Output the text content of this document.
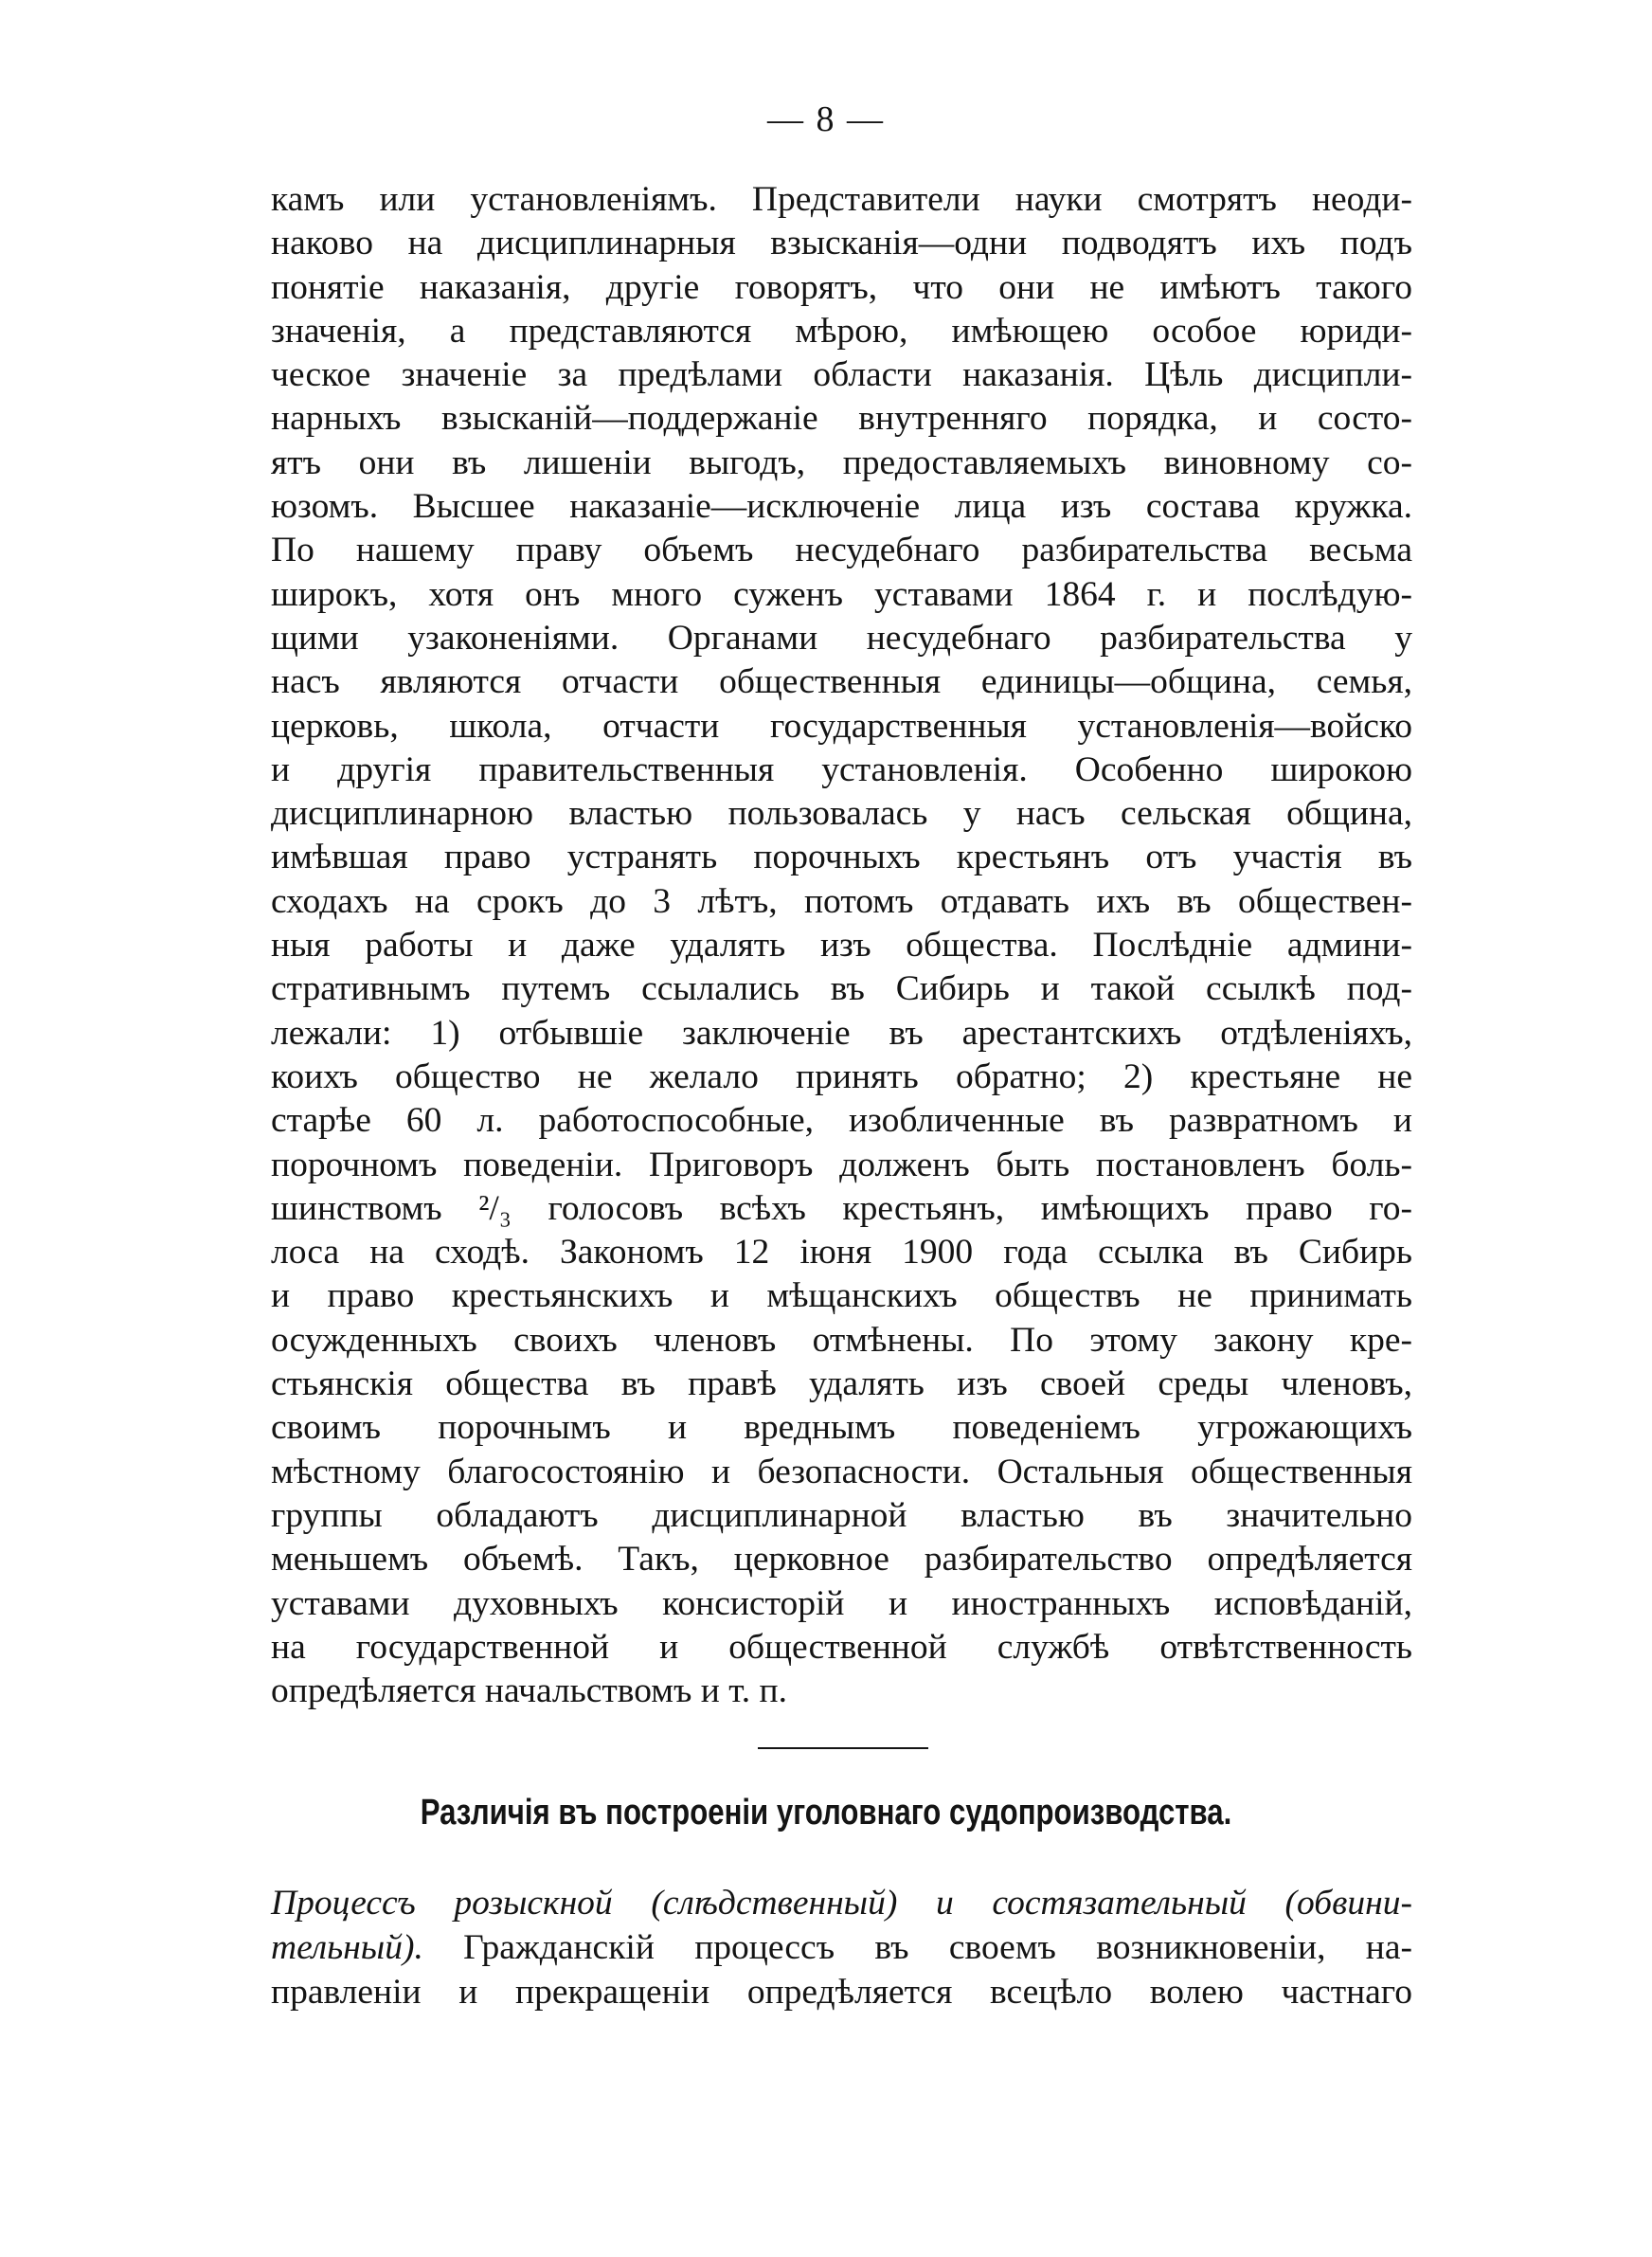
— 8 —
камъ или установленiямъ. Представители науки смотрятъ неоди-
наково на дисциплинарныя взысканiя—одни подводятъ ихъ подъ
понятiе наказанiя, другiе говорятъ, что они не имѣютъ такого
значенiя, а представляются мѣрою, имѣющею особое юриди-
ческое значенiе за предѣлами области наказанiя. Цѣль дисципли-
нарныхъ взысканiй—поддержанiе внутренняго порядка, и состо-
ятъ они въ лишенiи выгодъ, предоставляемыхъ виновному со-
юзомъ. Высшее наказанiе—исключенiе лица изъ состава кружка.
По нашему праву объемъ несудебнаго разбирательства весьма
широкъ, хотя онъ много суженъ уставами 1864 г. и послѣдую-
щими узаконенiями. Органами несудебнаго разбирательства у
насъ являются отчасти общественныя единицы—община, семья,
церковь, школа, отчасти государственныя установленiя—войско
и другiя правительственныя установленiя. Особенно широкою
дисциплинарною властью пользовалась у насъ сельская община,
имѣвшая право устранять порочныхъ крестьянъ отъ участiя въ
сходахъ на срокъ до 3 лѣтъ, потомъ отдавать ихъ въ обществен-
ныя работы и даже удалять изъ общества. Послѣднiе админи-
стративнымъ путемъ ссылались въ Сибирь и такой ссылкѣ под-
лежали: 1) отбывшiе заключенiе въ арестантскихъ отдѣленiяхъ,
коихъ общество не желало принять обратно; 2) крестьяне не
старѣе 60 л. работоспособные, изобличенные въ развратномъ и
порочномъ поведенiи. Приговоръ долженъ быть постановленъ боль-
шинствомъ ²/₃ голосовъ всѣхъ крестьянъ, имѣющихъ право го-
лоса на сходѣ. Закономъ 12 iюня 1900 года ссылка въ Сибирь
и право крестьянскихъ и мѣщанскихъ обществъ не принимать
осужденныхъ своихъ членовъ отмѣнены. По этому закону кре-
стьянскiя общества въ правѣ удалять изъ своей среды членовъ,
своимъ порочнымъ и вреднымъ поведенiемъ угрожающихъ
мѣстному благосостоянiю и безопасности. Остальныя общественныя
группы обладаютъ дисциплинарной властью въ значительно
меньшемъ объемѣ. Такъ, церковное разбирательство опредѣляется
уставами духовныхъ консисторiй и иностранныхъ исповѣданiй,
на государственной и общественной службѣ отвѣтственность
опредѣляется начальствомъ и т. п.
Различiя въ построенiи уголовнаго судопроизводства.
Процессъ розыскной (слѣдственный) и состязательный (обвини-
тельный). Гражданскiй процессъ въ своемъ возникновенiи, на-
правленiи и прекращенiи опредѣляется всецѣло волею частнаго
